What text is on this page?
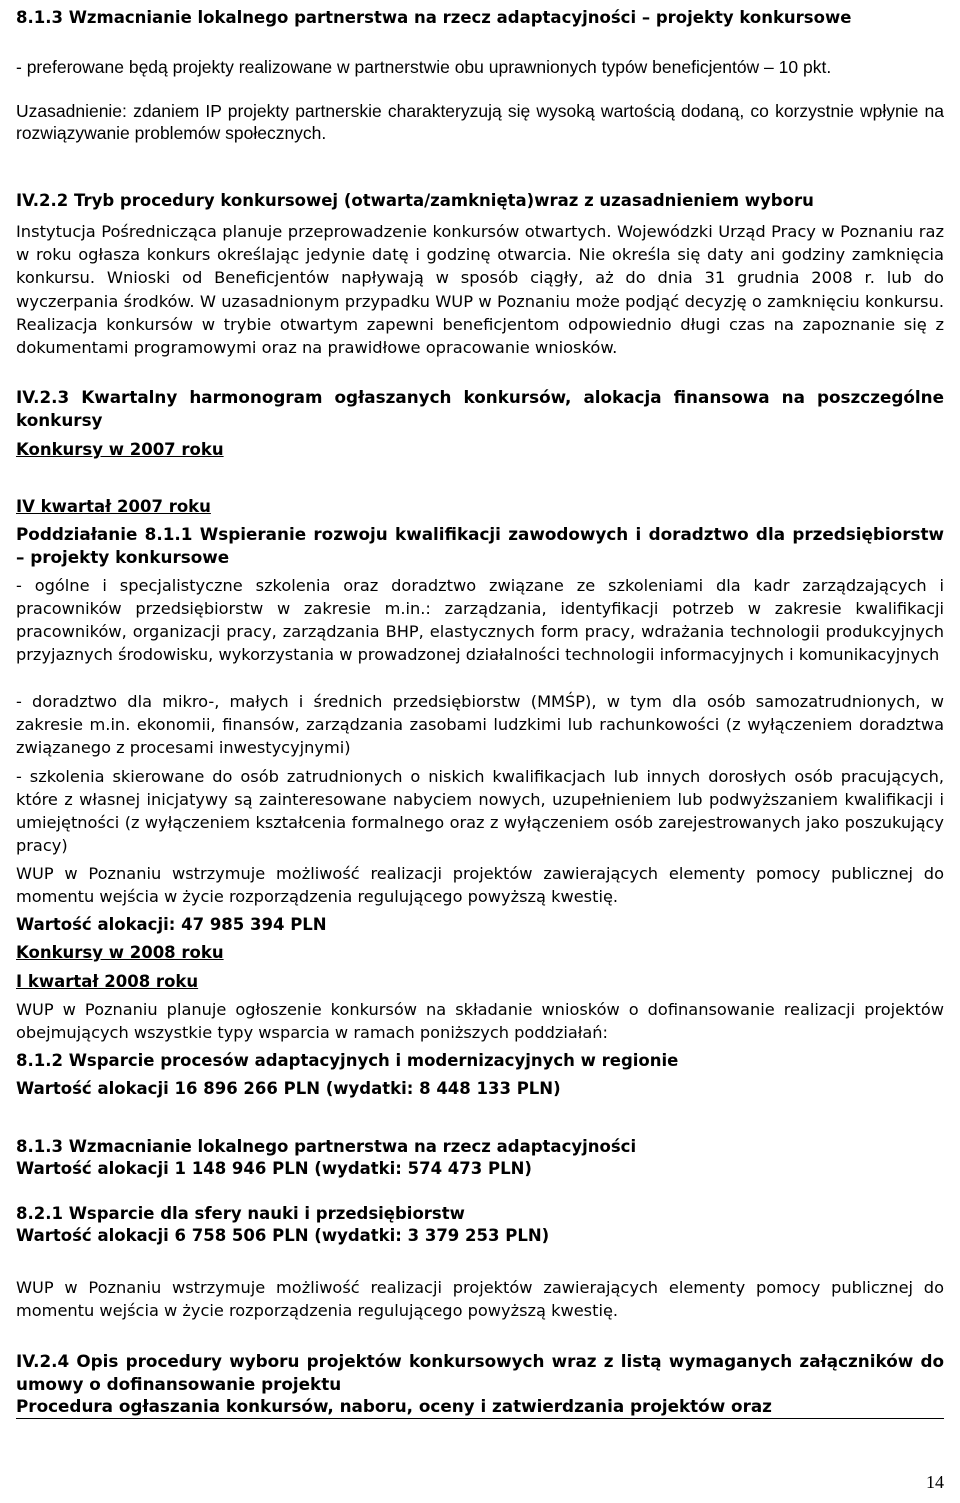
8.1.3 Wzmacnianie lokalnego partnerstwa na rzecz adaptacyjności – projekty konkursowe
- preferowane będą projekty realizowane w partnerstwie obu uprawnionych typów beneficjentów – 10 pkt.
Uzasadnienie: zdaniem IP projekty partnerskie charakteryzują się wysoką wartością dodaną, co korzystnie wpłynie na rozwiązywanie problemów społecznych.
IV.2.2 Tryb procedury konkursowej (otwarta/zamknięta)wraz z uzasadnieniem wyboru
Instytucja Pośrednicząca planuje przeprowadzenie konkursów otwartych. Wojewódzki Urząd Pracy w Poznaniu raz w roku ogłasza konkurs określając jedynie datę i godzinę otwarcia. Nie określa się daty ani godziny zamknięcia konkursu. Wnioski od Beneficjentów napływają w sposób ciągły, aż do dnia 31 grudnia 2008 r. lub do wyczerpania środków. W uzasadnionym przypadku WUP w Poznaniu może podjąć decyzję o zamknięciu konkursu. Realizacja konkursów w trybie otwartym zapewni beneficjentom odpowiednio długi czas na zapoznanie się z dokumentami programowymi oraz na prawidłowe opracowanie wniosków.
IV.2.3 Kwartalny harmonogram ogłaszanych konkursów, alokacja finansowa na poszczególne konkursy
Konkursy w 2007 roku
IV kwartał 2007 roku
Poddziałanie 8.1.1 Wspieranie rozwoju kwalifikacji zawodowych i doradztwo dla przedsiębiorstw – projekty konkursowe
- ogólne i specjalistyczne szkolenia oraz doradztwo związane ze szkoleniami dla kadr zarządzających i pracowników przedsiębiorstw w zakresie m.in.: zarządzania, identyfikacji potrzeb w zakresie kwalifikacji pracowników, organizacji pracy, zarządzania BHP, elastycznych form pracy, wdrażania technologii produkcyjnych przyjaznych środowisku, wykorzystania w prowadzonej działalności technologii informacyjnych i komunikacyjnych
- doradztwo dla mikro-, małych i średnich przedsiębiorstw (MMŚP), w tym dla osób samozatrudnionych, w zakresie m.in. ekonomii, finansów, zarządzania zasobami ludzkimi lub rachunkowości (z wyłączeniem doradztwa związanego z procesami inwestycyjnymi)
- szkolenia skierowane do osób zatrudnionych o niskich kwalifikacjach lub innych dorosłych osób pracujących, które z własnej inicjatywy są zainteresowane nabyciem nowych, uzupełnieniem lub podwyższaniem kwalifikacji i umiejętności (z wyłączeniem kształcenia formalnego oraz z wyłączeniem osób zarejestrowanych jako poszukujący pracy)
WUP w Poznaniu wstrzymuje możliwość realizacji projektów zawierających elementy pomocy publicznej do momentu wejścia w życie rozporządzenia regulującego powyższą kwestię.
Wartość alokacji: 47 985 394 PLN
Konkursy w 2008 roku
I kwartał 2008 roku
WUP w Poznaniu planuje ogłoszenie konkursów na składanie wniosków o dofinansowanie realizacji projektów obejmujących wszystkie typy wsparcia w ramach poniższych poddziałań:
8.1.2 Wsparcie procesów adaptacyjnych i modernizacyjnych w regionie
Wartość alokacji 16 896 266 PLN (wydatki: 8 448 133 PLN)
8.1.3 Wzmacnianie lokalnego partnerstwa na rzecz adaptacyjności
Wartość alokacji 1 148 946 PLN (wydatki: 574 473 PLN)
8.2.1 Wsparcie dla sfery nauki i przedsiębiorstw
Wartość alokacji 6 758 506 PLN (wydatki: 3 379 253 PLN)
WUP w Poznaniu wstrzymuje możliwość realizacji projektów zawierających elementy pomocy publicznej do momentu wejścia w życie rozporządzenia regulującego powyższą kwestię.
IV.2.4 Opis procedury wyboru projektów konkursowych wraz z listą wymaganych załączników do umowy o dofinansowanie projektu
Procedura ogłaszania konkursów, naboru, oceny i zatwierdzania projektów oraz
14
